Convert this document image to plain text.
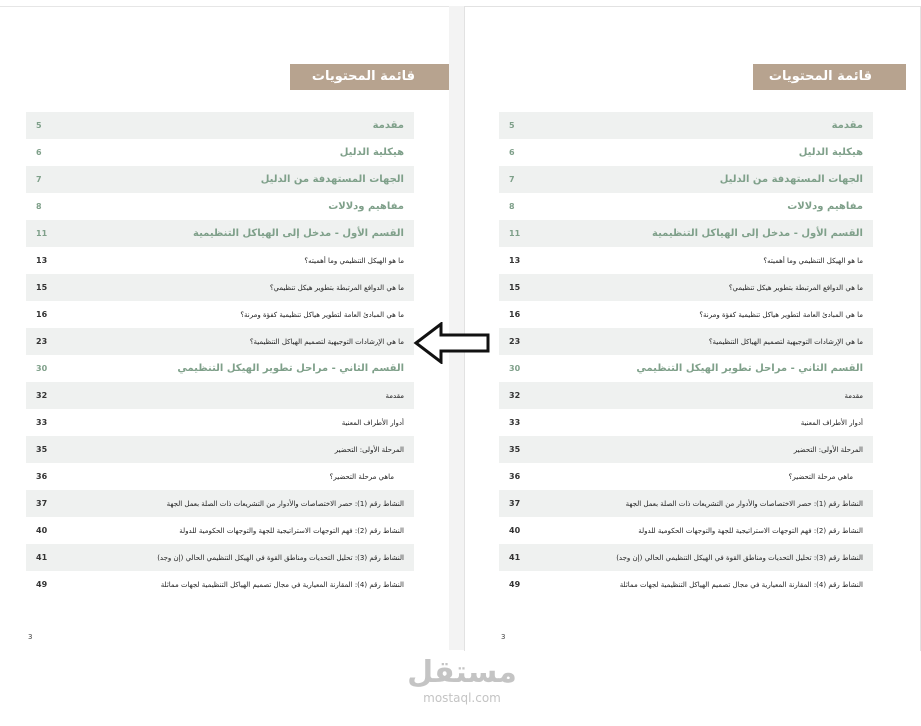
قائمة المحتويات
5	مقدمة
6	هيكلية الدليل
7	الجهات المستهدفة من الدليل
8	مفاهيم ودلالات
11	القسم الأول - مدخل إلى الهياكل التنظيمية
13	ما هو الهيكل التنظيمي وما أهميته؟
15	ما هي الدوافع المرتبطة بتطوير هيكل تنظيمي؟
16	ما هي المبادئ العامة لتطوير هياكل تنظيمية كفؤة ومرنة؟
23	ما هي الإرشادات التوجيهية لتصميم الهياكل التنظيمية؟
30	القسم الثاني - مراحل تطوير الهيكل التنظيمي
32	مقدمة
33	أدوار الأطراف المعنية
35	المرحلة الأولى: التحضير
36	ماهي مرحلة التحضير؟
37	النشاط رقم (1): حصر الاختصاصات والأدوار من التشريعات ذات الصلة بعمل الجهة
40	النشاط رقم (2): فهم التوجهات الاستراتيجية للجهة والتوجهات الحكومية للدولة
41	النشاط رقم (3): تحليل التحديات ومناطق القوة في الهيكل التنظيمي الحالي (إن وجد)
49	النشاط رقم (4): المقارنة المعيارية في مجال تصميم الهياكل التنظيمية لجهات مماثلة
3
قائمة المحتويات
5	مقدمة
6	هيكلية الدليل
7	الجهات المستهدفة من الدليل
8	مفاهيم ودلالات
11	القسم الأول - مدخل إلى الهياكل التنظيمية
13	ما هو الهيكل التنظيمي وما أهميته؟
15	ما هي الدوافع المرتبطة بتطوير هيكل تنظيمي؟
16	ما هي المبادئ العامة لتطوير هياكل تنظيمية كفؤة ومرنة؟
23	ما هي الإرشادات التوجيهية لتصميم الهياكل التنظيمية؟
30	القسم الثاني - مراحل تطوير الهيكل التنظيمي
32	مقدمة
33	أدوار الأطراف المعنية
35	المرحلة الأولى: التحضير
36	ماهي مرحلة التحضير؟
37	النشاط رقم (1): حصر الاختصاصات والأدوار من التشريعات ذات الصلة بعمل الجهة
40	النشاط رقم (2): فهم التوجهات الاستراتيجية للجهة والتوجهات الحكومية للدولة
41	النشاط رقم (3): تحليل التحديات ومناطق القوة في الهيكل التنظيمي الحالي (إن وجد)
49	النشاط رقم (4): المقارنة المعيارية في مجال تصميم الهياكل التنظيمية لجهات مماثلة
3
مستقل
mostaql.com
